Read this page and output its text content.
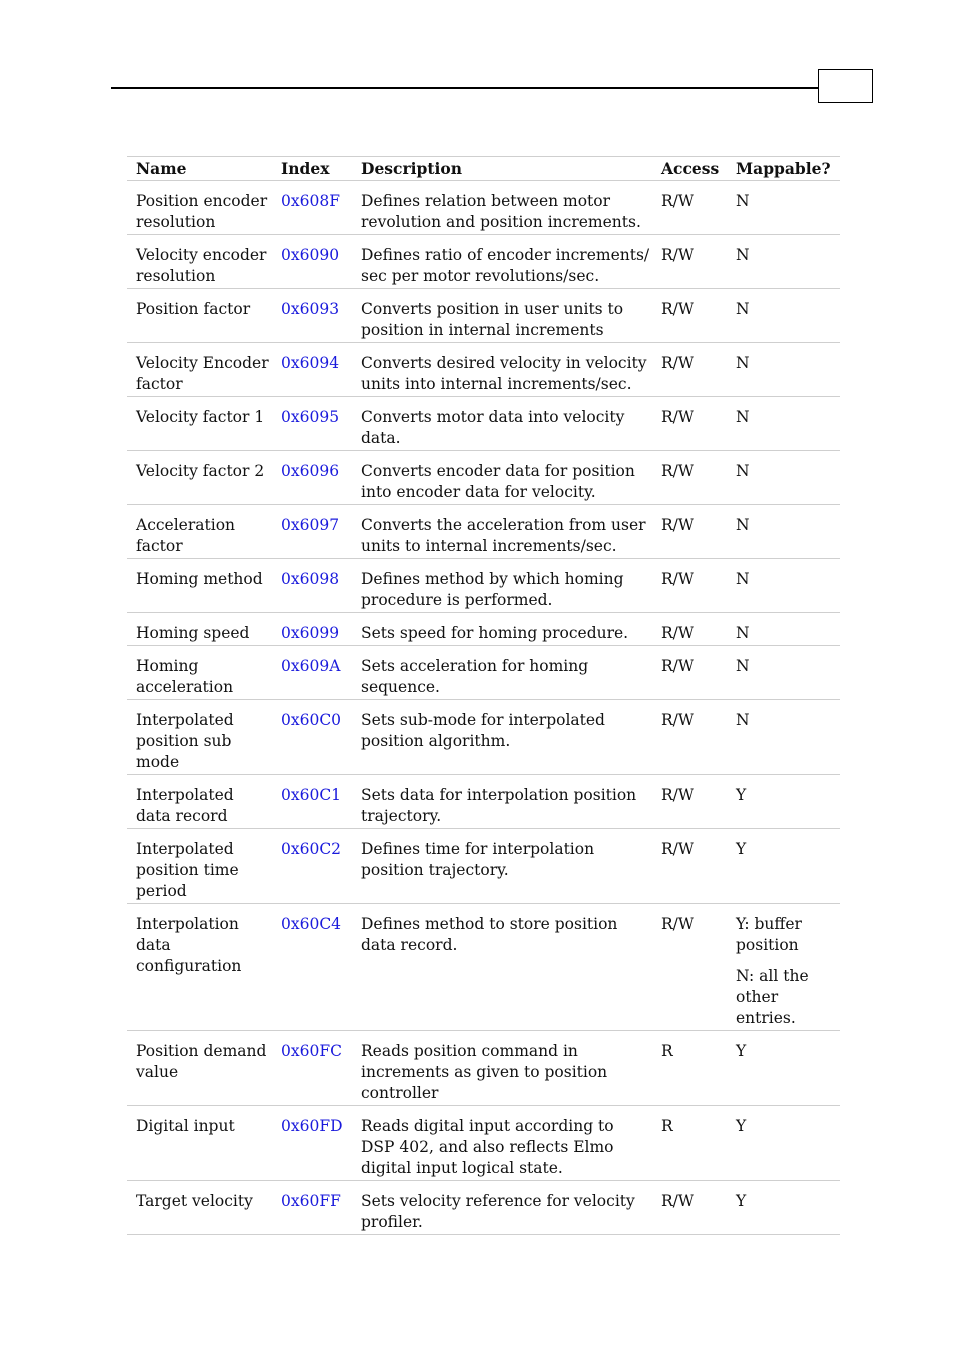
Name	Index	Description	Access	Mappable?
Position encoder resolution	0x608F	Defines relation between motor revolution and position increments.	R/W	N

Velocity encoder resolution	0x6090	Defines ratio of encoder increments/ sec per motor revolutions/sec.	R/W	N

Position factor	0x6093	Converts position in user units to position in internal increments	R/W	N

Velocity Encoder factor	0x6094	Converts desired velocity in velocity units into internal increments/sec.	R/W	N

Velocity factor 1	0x6095	Converts motor data into velocity data.	R/W	N

Velocity factor 2	0x6096	Converts encoder data for position into encoder data for velocity.	R/W	N

Acceleration factor	0x6097	Converts the acceleration from user units to internal increments/sec.	R/W	N

Homing method	0x6098	Defines method by which homing procedure is performed.	R/W	N

Homing speed	0x6099	Sets speed for homing procedure.	R/W	N

Homing acceleration	0x609A	Sets acceleration for homing sequence.	R/W	N

Interpolated position sub mode	0x60C0	Sets sub-mode for interpolated position algorithm.	R/W	N

Interpolated data record	0x60C1	Sets data for interpolation position trajectory.	R/W	Y

Interpolated position time period	0x60C2	Defines time for interpolation position trajectory.	R/W	Y

Interpolation data configuration	0x60C4	Defines method to store position data record.	R/W	Y: buffer position
N: all the other entries.

Position demand value	0x60FC	Reads position command in increments as given to position controller	R	Y

Digital input	0x60FD	Reads digital input according to DSP 402, and also reflects Elmo digital input logical state.	R	Y

Target velocity	0x60FF	Sets velocity reference for velocity profiler.	R/W	Y
